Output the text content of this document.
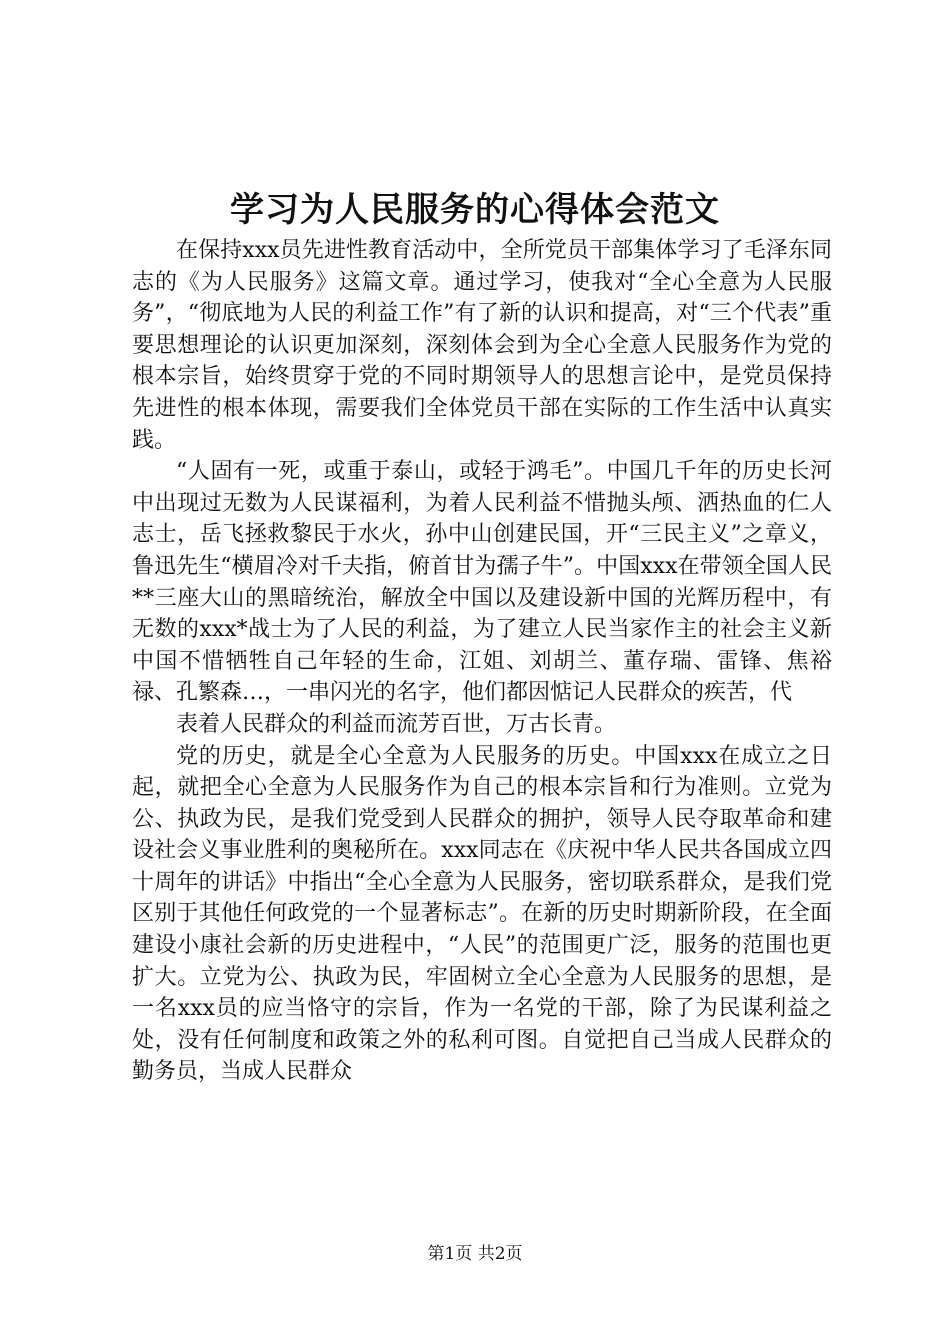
学习为人民服务的心得体会范文

在保持xxx员先进性教育活动中，全所党员干部集体学习了毛泽东同志的《为人民服务》这篇文章。通过学习，使我对“全心全意为人民服务”，“彻底地为人民的利益工作”有了新的认识和提高，对“三个代表”重要思想理论的认识更加深刻，深刻体会到为全心全意人民服务作为党的根本宗旨，始终贯穿于党的不同时期领导人的思想言论中，是党员保持先进性的根本体现，需要我们全体党员干部在实际的工作生活中认真实践。

“人固有一死，或重于泰山，或轻于鸿毛”。中国几千年的历史长河中出现过无数为人民谋福利，为着人民利益不惜抛头颅、洒热血的仁人志士，岳飞拯救黎民于水火，孙中山创建民国，开“三民主义”之章义，鲁迅先生“横眉冷对千夫指，俯首甘为孺子牛”。中国xxx在带领全国人民**三座大山的黑暗统治，解放全中国以及建设新中国的光辉历程中，有无数的xxx*战士为了人民的利益，为了建立人民当家作主的社会主义新中国不惜牺牲自己年轻的生命，江姐、刘胡兰、董存瑞、雷锋、焦裕禄、孔繁森…，一串闪光的名字，他们都因惦记人民群众的疾苦，代

表着人民群众的利益而流芳百世，万古长青。

党的历史，就是全心全意为人民服务的历史。中国xxx在成立之日起，就把全心全意为人民服务作为自己的根本宗旨和行为准则。立党为公、执政为民，是我们党受到人民群众的拥护，领导人民夺取革命和建设社会义事业胜利的奥秘所在。xxx同志在《庆祝中华人民共各国成立四十周年的讲话》中指出“全心全意为人民服务，密切联系群众，是我们党区别于其他任何政党的一个显著标志”。在新的历史时期新阶段，在全面建设小康社会新的历史进程中，“人民”的范围更广泛，服务的范围也更扩大。立党为公、执政为民，牢固树立全心全意为人民服务的思想，是一名xxx员的应当恪守的宗旨，作为一名党的干部，除了为民谋利益之处，没有任何制度和政策之外的私利可图。自觉把自己当成人民群众的勤务员，当成人民群众

第1页 共2页
